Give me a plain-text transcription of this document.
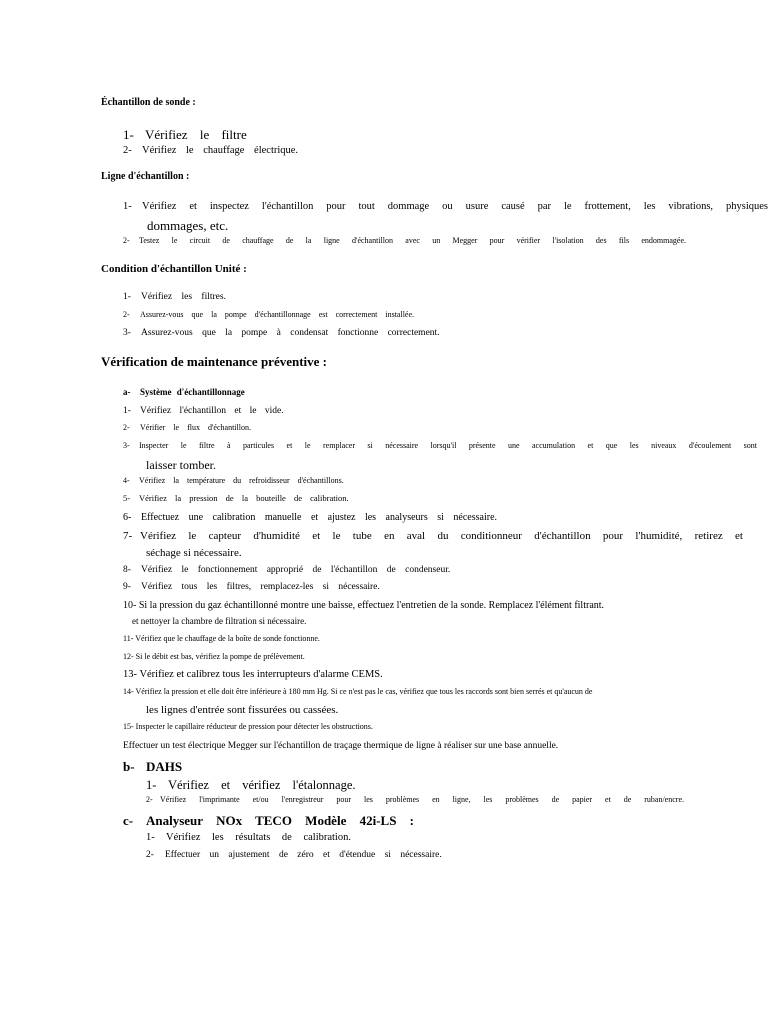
Échantillon de sonde :
1- Vérifiez le filtre
2- Vérifiez le chauffage électrique.
Ligne d'échantillon :
1- Vérifiez et inspectez l'échantillon pour tout dommage ou usure causé par le frottement, les vibrations, physiques
dommages, etc.
2- Testez le circuit de chauffage de la ligne d'échantillon avec un Megger pour vérifier l'isolation des fils endommagée.
Condition d'échantillon Unité :
1- Vérifiez les filtres.
2- Assurez-vous que la pompe d'échantillonnage est correctement installée.
3- Assurez-vous que la pompe à condensat fonctionne correctement.
Vérification de maintenance préventive :
a- Système d'échantillonnage
1- Vérifiez l'échantillon et le vide.
2- Vérifier le flux d'échantillon.
3- Inspecter le filtre à particules et le remplacer si nécessaire lorsqu'il présente une accumulation et que les niveaux d'écoulement sont
laisser tomber.
4- Vérifiez la température du refroidisseur d'échantillons.
5- Vérifiez la pression de la bouteille de calibration.
6- Effectuez une calibration manuelle et ajustez les analyseurs si nécessaire.
7- Vérifiez le capteur d'humidité et le tube en aval du conditionneur d'échantillon pour l'humidité, retirez et
séchage si nécessaire.
8- Vérifiez le fonctionnement approprié de l'échantillon de condenseur.
9- Vérifiez tous les filtres, remplacez-les si nécessaire.
10- Si la pression du gaz échantillonné montre une baisse, effectuez l'entretien de la sonde. Remplacez l'élément filtrant.
et nettoyer la chambre de filtration si nécessaire.
11- Vérifiez que le chauffage de la boîte de sonde fonctionne.
12- Si le débit est bas, vérifiez la pompe de prélèvement.
13- Vérifiez et calibrez tous les interrupteurs d'alarme CEMS.
14- Vérifiez la pression et elle doit être inférieure à 180 mm Hg. Si ce n'est pas le cas, vérifiez que tous les raccords sont bien serrés et qu'aucun de
les lignes d'entrée sont fissurées ou cassées.
15- Inspecter le capillaire réducteur de pression pour détecter les obstructions.
Effectuer un test électrique Megger sur l'échantillon de traçage thermique de ligne à réaliser sur une base annuelle.
b- DAHS
1- Vérifiez et vérifiez l'étalonnage.
2- Vérifiez l'imprimante et/ou l'enregistreur pour les problèmes en ligne, les problèmes de papier et de ruban/encre.
c- Analyseur NOx TECO Modèle 42i-LS :
1- Vérifiez les résultats de calibration.
2- Effectuer un ajustement de zéro et d'étendue si nécessaire.
